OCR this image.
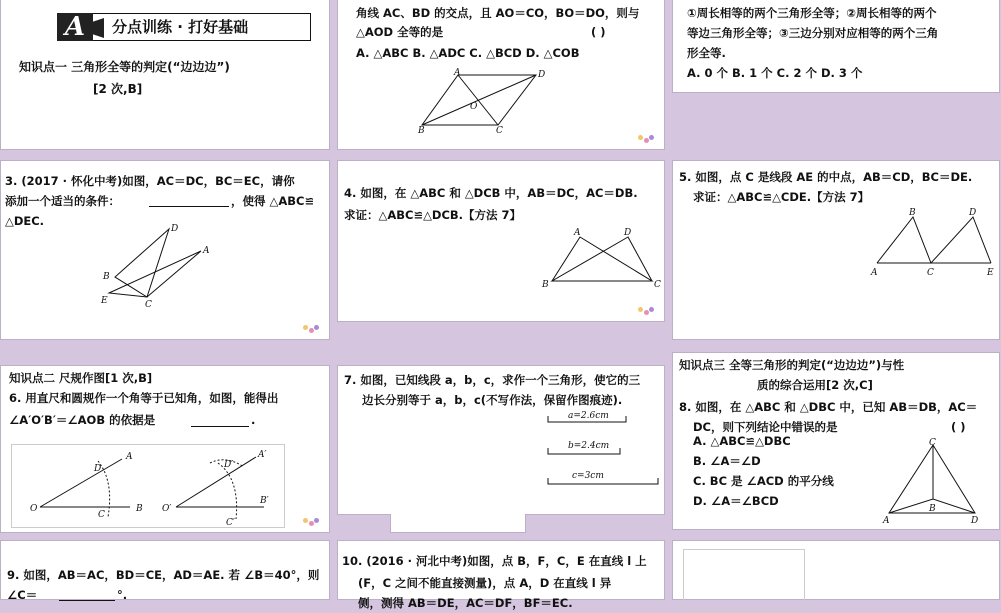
A	分点训练 · 打好基础
知识点一 三角形全等的判定(“边边边”)
[2 次,B]
角线 AC、BD 的交点，且 AO＝CO，BO＝DO，则与
△AOD 全等的是	( )
A. △ABC B. △ADC C. △BCD D. △COB
A	D
O
B	C
①周长相等的两个三角形全等；②周长相等的两个
等边三角形全等；③三边分别对应相等的两个三角
形全等.
A. 0 个 B. 1 个 C. 2 个 D. 3 个
3. (2017 · 怀化中考)如图，AC＝DC，BC＝EC，请你
添加一个适当的条件：	，使得 △ABC≌
△DEC.
D
A
B
E	C
4. 如图，在 △ABC 和 △DCB 中，AB＝DC，AC＝DB.
求证：△ABC≌△DCB.【方法 7】
A	D
B	C
5. 如图，点 C 是线段 AE 的中点，AB＝CD，BC＝DE.
求证：△ABC≌△CDE.【方法 7】
B	D
A	C	E
知识点二 尺规作图[1 次,B]
6. 用直尺和圆规作一个角等于已知角，如图，能得出
∠A′O′B′＝∠AOB 的依据是	.
D
A
O
C
B
D′
A′
O′
C′
B′
7. 如图，已知线段 a，b，c，求作一个三角形，使它的三
边长分别等于 a，b，c(不写作法，保留作图痕迹).
a=2.6cm
b=2.4cm
c=3cm
知识点三 全等三角形的判定(“边边边”)与性
质的综合运用[2 次,C]
8. 如图，在 △ABC 和 △DBC 中，已知 AB＝DB，AC＝
DC，则下列结论中错误的是	( )
A. △ABC≌△DBC
B. ∠A＝∠D
C. BC 是 ∠ACD 的平分线
D. ∠A＝∠BCD
C
A
B
D
9. 如图，AB＝AC，BD＝CE，AD＝AE. 若 ∠B＝40°，则
∠C＝	°.
10. (2016 · 河北中考)如图，点 B，F，C，E 在直线 l 上
(F，C 之间不能直接测量)，点 A，D 在直线 l 异
侧，测得 AB＝DE，AC＝DF，BF＝EC.
